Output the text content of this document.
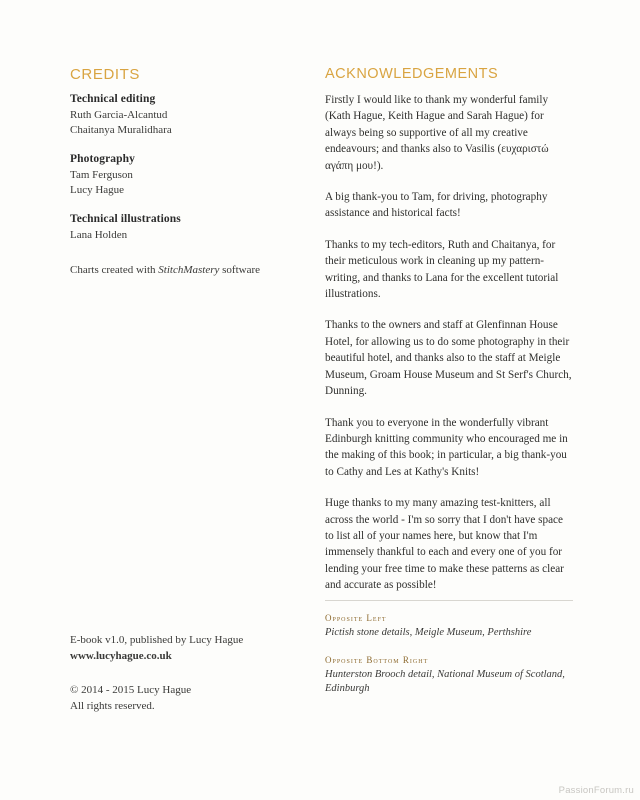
CREDITS

Technical editing

Ruth Garcia-Alcantud

Chaitanya Muralidhara

Photography

Tam Ferguson

Lucy Hague

Technical illustrations

Lana Holden

Charts created with StitchMastery software

ACKNOWLEDGEMENTS

Firstly I would like to thank my wonderful family (Kath Hague, Keith Hague and Sarah Hague) for always being so supportive of all my creative endeavours; and thanks also to Vasilis (ευχαριστώ αγάπη μου!).

A big thank-you to Tam, for driving, photography assistance and historical facts!

Thanks to my tech-editors, Ruth and Chaitanya, for their meticulous work in cleaning up my pattern-writing, and thanks to Lana for the excellent tutorial illustrations.

Thanks to the owners and staff at Glenfinnan House Hotel, for allowing us to do some photography in their beautiful hotel, and thanks also to the staff at Meigle Museum, Groam House Museum and St Serf's Church, Dunning.

Thank you to everyone in the wonderfully vibrant Edinburgh knitting community who encouraged me in the making of this book; in particular, a big thank-you to Cathy and Les at Kathy's Knits!

Huge thanks to my many amazing test-knitters, all across the world - I'm so sorry that I don't have space to list all of your names here, but know that I'm immensely thankful to each and every one of you for lending your free time to make these patterns as clear and accurate as possible!

E-book v1.0, published by Lucy Hague
www.lucyhague.co.uk
© 2014 - 2015 Lucy Hague
All rights reserved.

Opposite Left

Pictish stone details, Meigle Museum, Perthshire

Opposite Bottom Right

Hunterston Brooch detail, National Museum of Scotland, Edinburgh

PassionForum.ru
